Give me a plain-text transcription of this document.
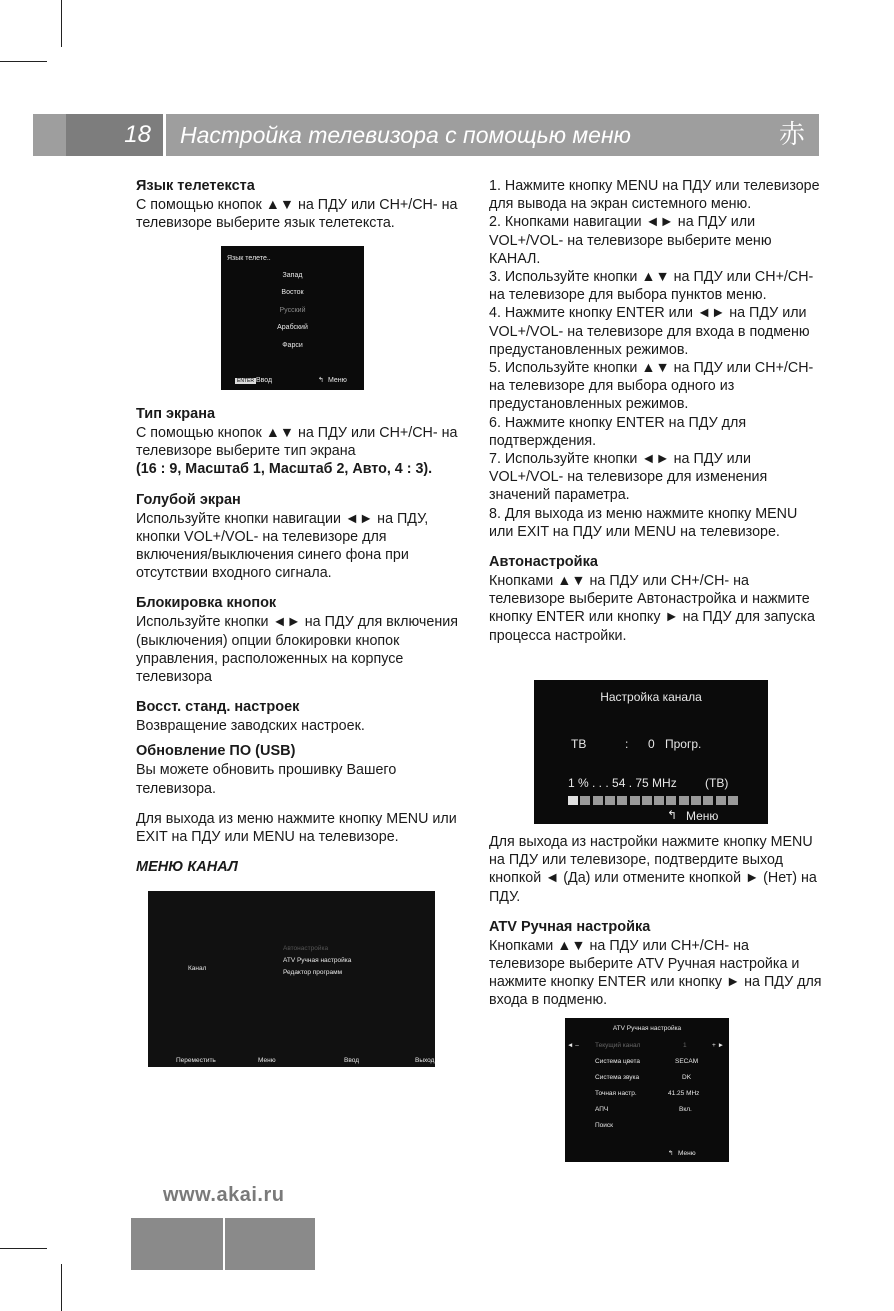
18	Настройка телевизора с помощью меню	赤
Язык телетекста

С помощью кнопок ▲▼ на ПДУ или CH+/CH- на телевизоре выберите язык телетекста.

Язык телете..
Запад
Восток
Русский
Арабский
Фарси
ENTER Ввод	↰ Меню
Тип экрана

С помощью кнопок ▲▼ на ПДУ или CH+/CH- на телевизоре выберите тип экрана

(16 : 9, Масштаб 1, Масштаб 2, Авто, 4 : 3).

Голубой экран

Используйте кнопки навигации ◄► на ПДУ, кнопки VOL+/VOL- на телевизоре для включения/выключения синего фона при отсутствии входного сигнала.

Блокировка кнопок

Используйте кнопки ◄► на ПДУ для включения (выключения) опции блокировки кнопок управления, расположенных на корпусе телевизора

Восст. станд. настроек

Возвращение заводских настроек.

Обновление ПО (USB)

Вы можете обновить прошивку Вашего телевизора.

Для выхода из меню нажмите кнопку MENU или EXIT на ПДУ или MENU на телевизоре.

МЕНЮ КАНАЛ
Канал
Автонастройка
ATV Ручная настройка
Редактор программ
Переместить	Меню	Ввод	Выход

1. Нажмите кнопку MENU на ПДУ или телевизоре для вывода на экран системного меню.

2. Кнопками навигации ◄► на ПДУ или VOL+/VOL- на телевизоре выберите меню КАНАЛ.

3. Используйте кнопки ▲▼ на ПДУ или CH+/CH- на телевизоре для выбора пунктов меню.

4. Нажмите кнопку ENTER или ◄► на ПДУ или VOL+/VOL- на телевизоре для входа в подменю предустановленных режимов.

5. Используйте кнопки ▲▼ на ПДУ или CH+/CH- на телевизоре для выбора одного из предустановленных режимов.

6. Нажмите кнопку ENTER на ПДУ для подтверждения.

7. Используйте кнопки ◄► на ПДУ или VOL+/VOL- на телевизоре для изменения значений параметра.

8. Для выхода из меню нажмите кнопку MENU или EXIT на ПДУ или MENU на телевизоре.

Автонастройка

Кнопками ▲▼ на ПДУ или CH+/CH- на телевизоре выберите Автонастройка и нажмите кнопку ENTER или кнопку ► на ПДУ для запуска процесса настройки.

Настройка канала
ТВ	: 0 Прогр.
1 % . . . 54 . 75 MHz (ТВ)
↰ Меню

Для выхода из настройки нажмите кнопку MENU на ПДУ или телевизоре, подтвердите выход кнопкой ◄ (Да) или отмените кнопкой ► (Нет) на ПДУ.

ATV Ручная настройка

Кнопками ▲▼ на ПДУ или CH+/CH- на телевизоре выберите ATV Ручная настройка и нажмите кнопку ENTER или кнопку ► на ПДУ для входа в подменю.

ATV Ручная настройка
◄ –	+ ►
Текущий канал	1
Система цвета	SECAM
Система звука	DK
Точная настр.	41.25 MHz
АПЧ	Вкл.
Поиск
↰ Меню
www.akai.ru
